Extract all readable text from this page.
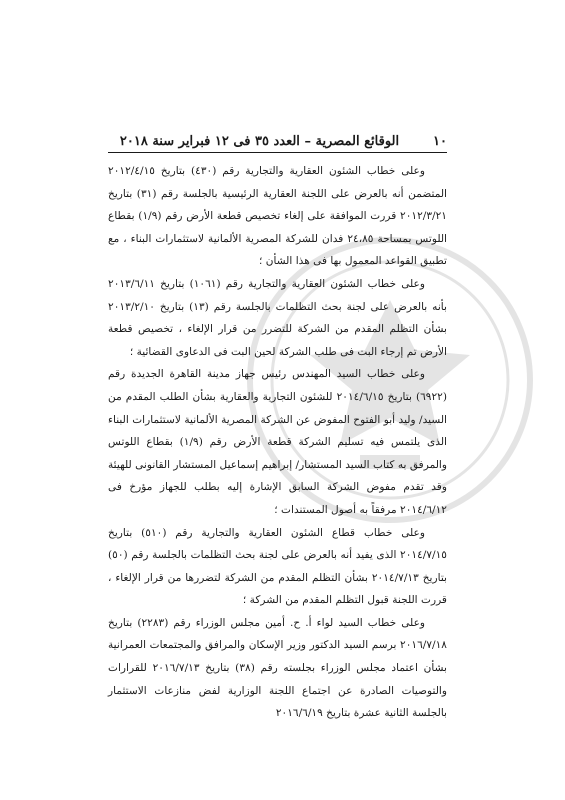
١٠
الوقائع المصرية – العدد ٣٥ فى ١٢ فبراير سنة ٢٠١٨

وعلى خطاب الشئون العقارية والتجارية رقم (٤٣٠) بتاريخ ٢٠١٢/٤/١٥ المتضمن أنه بالعرض على اللجنة العقارية الرئيسية بالجلسة رقم (٣١) بتاريخ ٢٠١٢/٣/٢١ قررت الموافقة على إلغاء تخصيص قطعة الأرض رقم (١/٩) بقطاع اللوتس بمساحة ٢٤،٨٥ فدان للشركة المصرية الألمانية لاستثمارات البناء ، مع تطبيق القواعد المعمول بها فى هذا الشأن ؛

وعلى خطاب الشئون العقارية والتجارية رقم (١٠٦١) بتاريخ ٢٠١٣/٦/١١ بأنه بالعرض على لجنة بحث التظلمات بالجلسة رقم (١٣) بتاريخ ٢٠١٣/٢/١٠ بشأن التظلم المقدم من الشركة للتضرر من قرار الإلغاء ، تخصيص قطعة الأرض تم إرجاء البت فى طلب الشركة لحين البت فى الدعاوى القضائية ؛

وعلى خطاب السيد المهندس رئيس جهاز مدينة القاهرة الجديدة رقم (٦٩٢٢) بتاريخ ٢٠١٤/٦/١٥ للشئون التجارية والعقارية بشأن الطلب المقدم من السيد/ وليد أبو الفتوح المفوض عن الشركة المصرية الألمانية لاستثمارات البناء الذى يلتمس فيه تسليم الشركة قطعة الأرض رقم (١/٩) بقطاع اللوتس والمرفق به كتاب السيد المستشار/ إبراهيم إسماعيل المستشار القانونى للهيئة وقد تقدم مفوض الشركة السابق الإشارة إليه بطلب للجهاز مؤرخ فى ٢٠١٤/٦/١٢ مرفقاً به أصول المستندات ؛

وعلى خطاب قطاع الشئون العقارية والتجارية رقم (٥١٠) بتاريخ ٢٠١٤/٧/١٥ الذى يفيد أنه بالعرض على لجنة بحث التظلمات بالجلسة رقم (٥٠) بتاريخ ٢٠١٤/٧/١٣ بشأن التظلم المقدم من الشركة لتضررها من قرار الإلغاء ، قررت اللجنة قبول التظلم المقدم من الشركة ؛

وعلى خطاب السيد لواء أ. ح. أمين مجلس الوزراء رقم (٢٢٨٣) بتاريخ ٢٠١٦/٧/١٨ برسم السيد الدكتور وزير الإسكان والمرافق والمجتمعات العمرانية بشأن اعتماد مجلس الوزراء بجلسته رقم (٣٨) بتاريخ ٢٠١٦/٧/١٣ للقرارات والتوصيات الصادرة عن اجتماع اللجنة الوزارية لفض منازعات الاستثمار بالجلسة الثانية عشرة بتاريخ ٢٠١٦/٦/١٩
